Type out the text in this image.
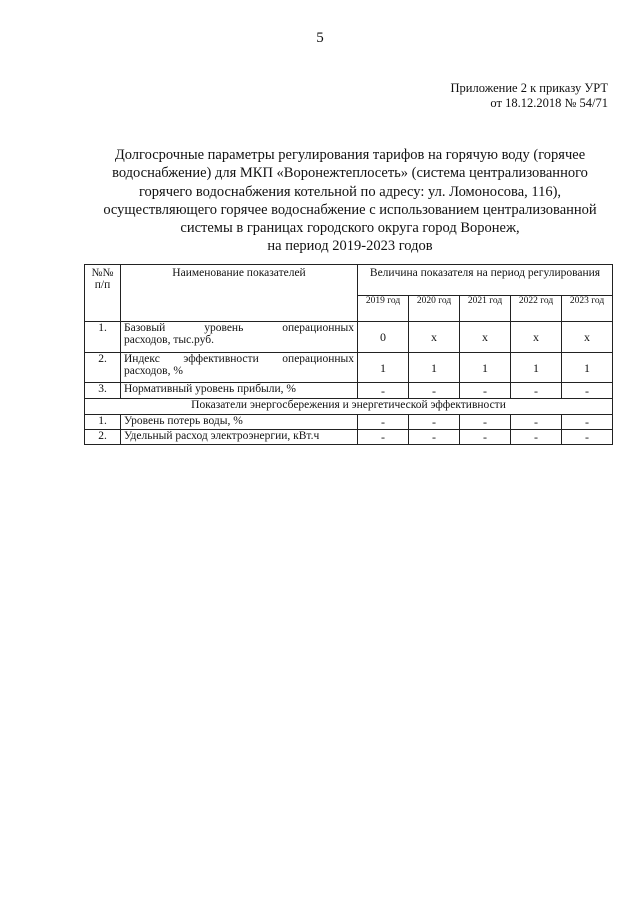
5
Приложение 2 к приказу УРТ
от 18.12.2018 № 54/71
Долгосрочные параметры регулирования тарифов на горячую воду (горячее
водоснабжение) для МКП «Воронежтеплосеть» (система централизованного
горячего водоснабжения котельной по адресу: ул. Ломоносова, 116),
осуществляющего горячее водоснабжение с использованием централизованной
системы в границах городского округа город Воронеж,
на период 2019-2023 годов
№№ п/п	Наименование показателей	Величина показателя на период регулирования				
		2019 год	2020 год	2021 год	2022 год	2023 год
1.	Базовый уровень операционных
расходов, тыс.руб.	0	х	х	х	х
2.	Индекс эффективности операционных
расходов, %	1	1	1	1	1
3.	Нормативный уровень прибыли, %	-	-	-	-	-
Показатели энергосбережения и энергетической эффективности						
1.	Уровень потерь воды, %	-	-	-	-	-
2.	Удельный расход электроэнергии, кВт.ч	-	-	-	-	-
